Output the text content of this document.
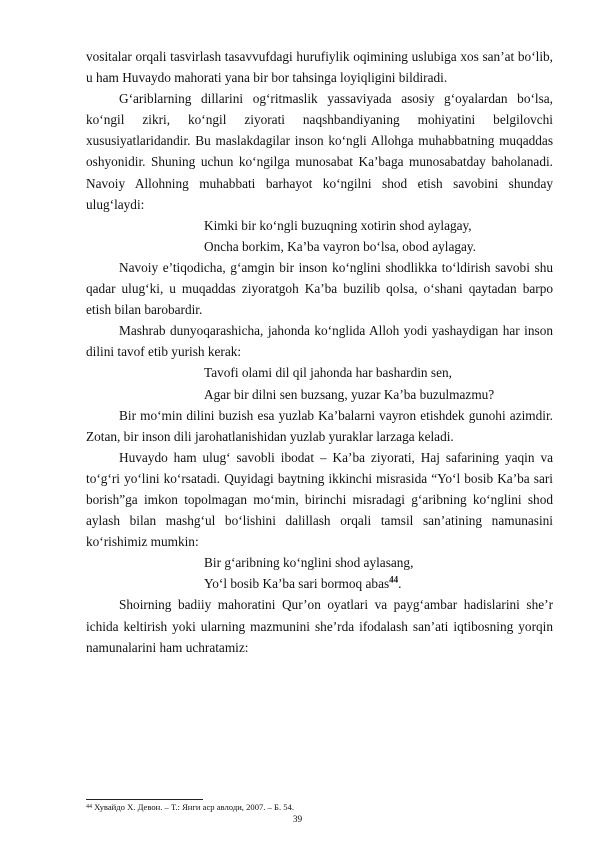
vositalar orqali tasvirlash tasavvufdagi hurufiylik oqimining uslubiga xos san’at bo‘lib, u ham Huvaydo mahorati yana bir bor tahsinga loyiqligini bildiradi.

G‘ariblarning dillarini og‘ritmaslik yassaviyada asosiy g‘oyalardan bo‘lsa, ko‘ngil zikri, ko‘ngil ziyorati naqshbandiyaning mohiyatini belgilovchi xususiyatlaridandir. Bu maslakdagilar inson ko‘ngli Allohga muhabbatning muqaddas oshyonidir. Shuning uchun ko‘ngilga munosabat Ka’baga munosabatday baholanadi. Navoiy Allohning muhabbati barhayot ko‘ngilni shod etish savobini shunday ulug‘laydi:

Kimki bir ko‘ngli buzuqning xotirin shod aylagay,

Oncha borkim, Ka’ba vayron bo‘lsa, obod aylagay.

Navoiy e’tiqodicha, g‘amgin bir inson ko‘nglini shodlikka to‘ldirish savobi shu qadar ulug‘ki, u muqaddas ziyoratgoh Ka’ba buzilib qolsa, o‘shani qaytadan barpo etish bilan barobardir.

Mashrab dunyoqarashicha, jahonda ko‘nglida Alloh yodi yashaydigan har inson dilini tavof etib yurish kerak:

Tavofi olami dil qil jahonda har bashardin sen,

Agar bir dilni sen buzsang, yuzar Ka’ba buzulmazmu?

Bir mo‘min dilini buzish esa yuzlab Ka’balarni vayron etishdek gunohi azimdir. Zotan, bir inson dili jarohatlanishidan yuzlab yuraklar larzaga keladi.

Huvaydo ham ulug‘ savobli ibodat – Ka’ba ziyorati, Haj safarining yaqin va to‘g‘ri yo‘lini ko‘rsatadi. Quyidagi baytning ikkinchi misrasida “Yo‘l bosib Ka’ba sari borish”ga imkon topolmagan mo‘min, birinchi misradagi g‘aribning ko‘nglini shod aylash bilan mashg‘ul bo‘lishini dalillash orqali tamsil san’atining namunasini ko‘rishimiz mumkin:

Bir g‘aribning ko‘nglini shod aylasang,

Yo‘l bosib Ka’ba sari bormoq abas$^{44}$.

Shoirning badiiy mahoratini Qur’on oyatlari va payg‘ambar hadislarini she’r ichida keltirish yoki ularning mazmunini she’rda ifodalash san’ati iqtibosning yorqin namunalarini ham uchratamiz:

$^{44}$ Хувайдо Х. Девон. – Т.: Янги аср авлоди, 2007. – Б. 54.
39
